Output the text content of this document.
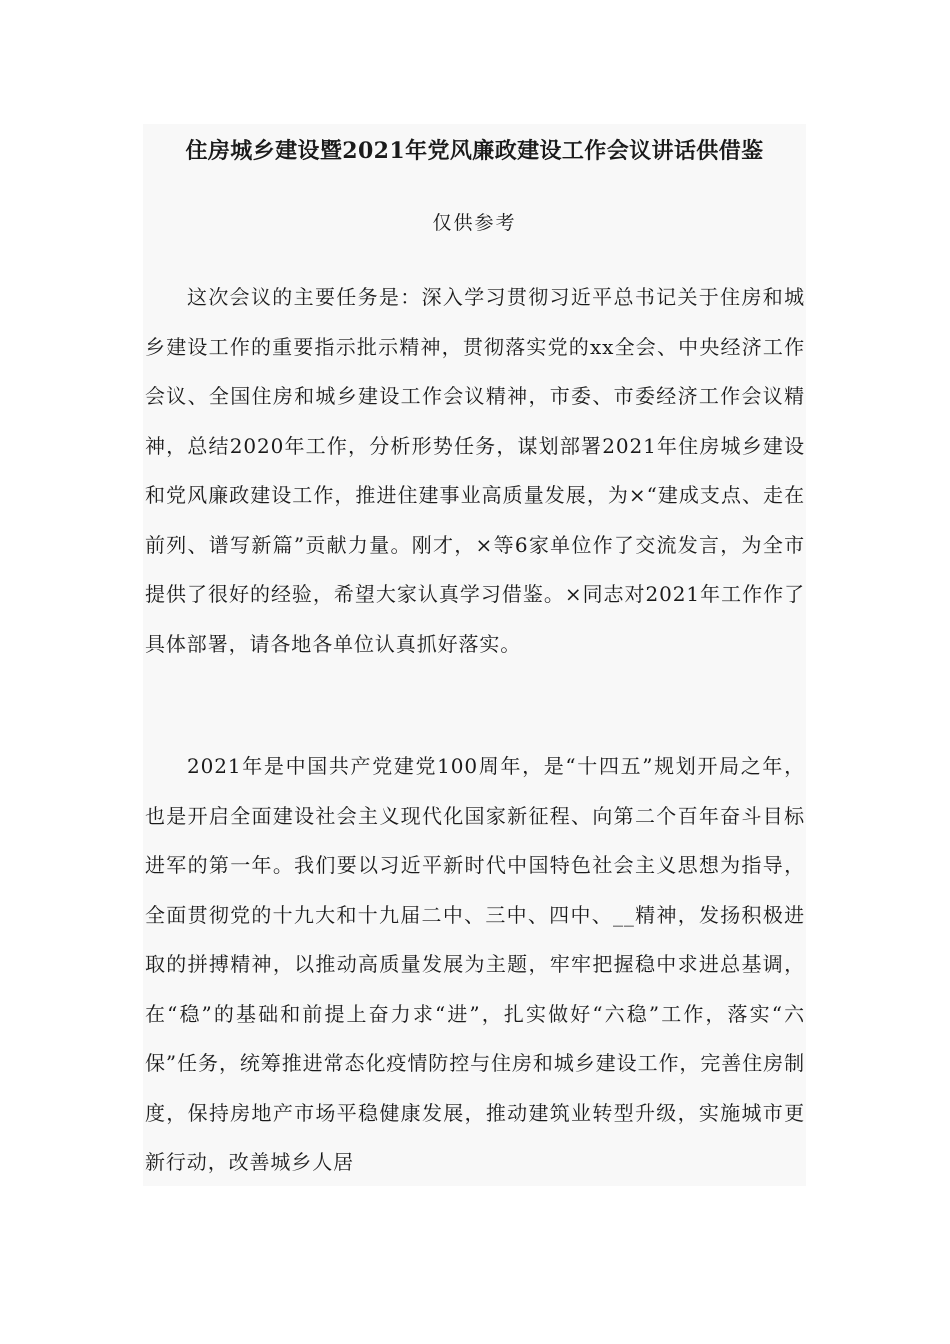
住房城乡建设暨2021年党风廉政建设工作会议讲话供借鉴
仅供参考

这次会议的主要任务是：深入学习贯彻习近平总书记关于住房和城乡建设工作的重要指示批示精神，贯彻落实党的xx全会、中央经济工作会议、全国住房和城乡建设工作会议精神，市委、市委经济工作会议精神，总结2020年工作，分析形势任务，谋划部署2021年住房城乡建设和党风廉政建设工作，推进住建事业高质量发展，为×“建成支点、走在前列、谱写新篇”贡献力量。刚才，×等6家单位作了交流发言，为全市提供了很好的经验，希望大家认真学习借鉴。×同志对2021年工作作了具体部署，请各地各单位认真抓好落实。

2021年是中国共产党建党100周年，是“十四五”规划开局之年，也是开启全面建设社会主义现代化国家新征程、向第二个百年奋斗目标进军的第一年。我们要以习近平新时代中国特色社会主义思想为指导，全面贯彻党的十九大和十九届二中、三中、四中、__精神，发扬积极进取的拼搏精神，以推动高质量发展为主题，牢牢把握稳中求进总基调，在“稳”的基础和前提上奋力求“进”，扎实做好“六稳”工作，落实“六保”任务，统筹推进常态化疫情防控与住房和城乡建设工作，完善住房制度，保持房地产市场平稳健康发展，推动建筑业转型升级，实施城市更新行动，改善城乡人居
